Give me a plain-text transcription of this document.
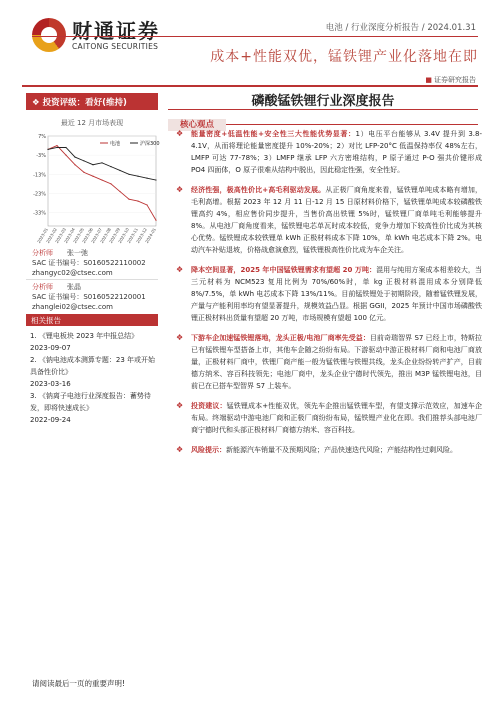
财通证券
CAITONG SECURITIES
电池 / 行业深度分析报告 / 2024.01.31
成本+性能双优，锰铁锂产业化落地在即
■ 证券研究报告
❖ 投资评级：看好(维持)
最近 12 月市场表现
7%
-3%
-13%
-23%
-33%
2023-01
2023-02
2023-03
2023-04
2023-05
2023-06
2023-07
2023-08
2023-09
2023-10
2023-11
2023-12
2024-01
电池	沪深300
分析师 张一弛
SAC 证书编号：S0160522110002
zhangyc02@ctsec.com
相关报告
1. 《锂电板块 2023 年中报总结》
2023-09-07
2. 《钠电池成本测算专题：23 年或开始具备性价比》
2023-03-16
3. 《钠离子电池行业深度报告：蓄势待发，即将快速成长》
2022-09-24
请阅读最后一页的重要声明!
磷酸锰铁锂行业深度报告
核心观点
❖ 能量密度+低温性能+安全性三大性能优势显著：1）电压平台能够从 3.4V 提升到 3.8-4.1V，从而将理论能量密度提升 10%-20%；2）对比 LFP-20°C 低温保持率仅 48%左右，LMFP 可达 77-78%；3）LMFP 继承 LFP 六方密堆结构，P 原子通过 P-O 强共价键形成 PO4 四面体，O 原子很难从结构中脱出，因此稳定性强，安全性好。
❖ 经济性强，极高性价比+高毛利驱动发展。从正极厂商角度来看，锰铁锂单吨成本略有增加，毛利高增。根据 2023 年 12 月 11 日-12 月 15 日原材料价格下，锰铁锂单吨成本较磷酸铁锂高约 4%，相应售价同步提升，当售价高出铁锂 5%时，锰铁锂厂商单吨毛利能够提升 8%。从电池厂商角度看来，锰铁锂电芯单瓦时成本较低，竞争力增加下较高性价比成为其核心优势。锰铁锂成本较铁锂单 kWh 正极材料成本下降 10%，单 kWh 电芯成本下降 2%。电动汽车补贴退坡，价格战愈演愈烈，锰铁锂极高性价比成为车企关注。
❖ 降本空间显著，2025 年中国锰铁锂需求有望超 20 万吨：混用与纯用方案成本相差较大，当三元材料为 NCM523 复用比例为 70%/60%时，单 kg 正极材料混用成本分别降低 8%/7.5%，单 kWh 电芯成本下降 13%/11%。目前锰铁锂处于初期阶段，随着锰铁锂发展，产量与产能利用率均有望显著提升，规模效益凸显。根据 GGII，2025 年预计中国市场磷酸铁锂正极材料出货量有望超 20 万吨，市场规模有望超 100 亿元。
❖ 下游车企加速锰铁锂落地，龙头正极/电池厂商率先受益：目前奇瑞智界 S7 已经上市，特斯拉已有锰铁锂车型搭备上市，其他车企随之纷纷布局。下游驱动中游正极材料厂商和电池厂商放量，正极材料厂商中，铁锂厂商产能一般为锰铁锂与铁锂共线，龙头企业纷纷转产扩产，目前德方纳米、容百科技领先；电池厂商中，龙头企业宁德时代领先，推出 M3P 锰铁锂电池，目前已在已搭车型智界 S7 上装车。
❖ 投资建议：锰铁锂成本+性能双优，领先车企推出锰铁锂车型，有望支撑示范效应，加速车企布局。终端驱动中游电池厂商和正极厂商纷纷布局，锰铁锂产业化在即。我们推荐头部电池厂商宁德时代和头部正极材料厂商德方纳米、容百科技。
❖ 风险提示：新能源汽车销量不及预期风险；产品快速迭代风险；产能结构性过剩风险。
分析师 张晶
SAC 证书编号：S0160522120001
zhanglei02@ctsec.com
